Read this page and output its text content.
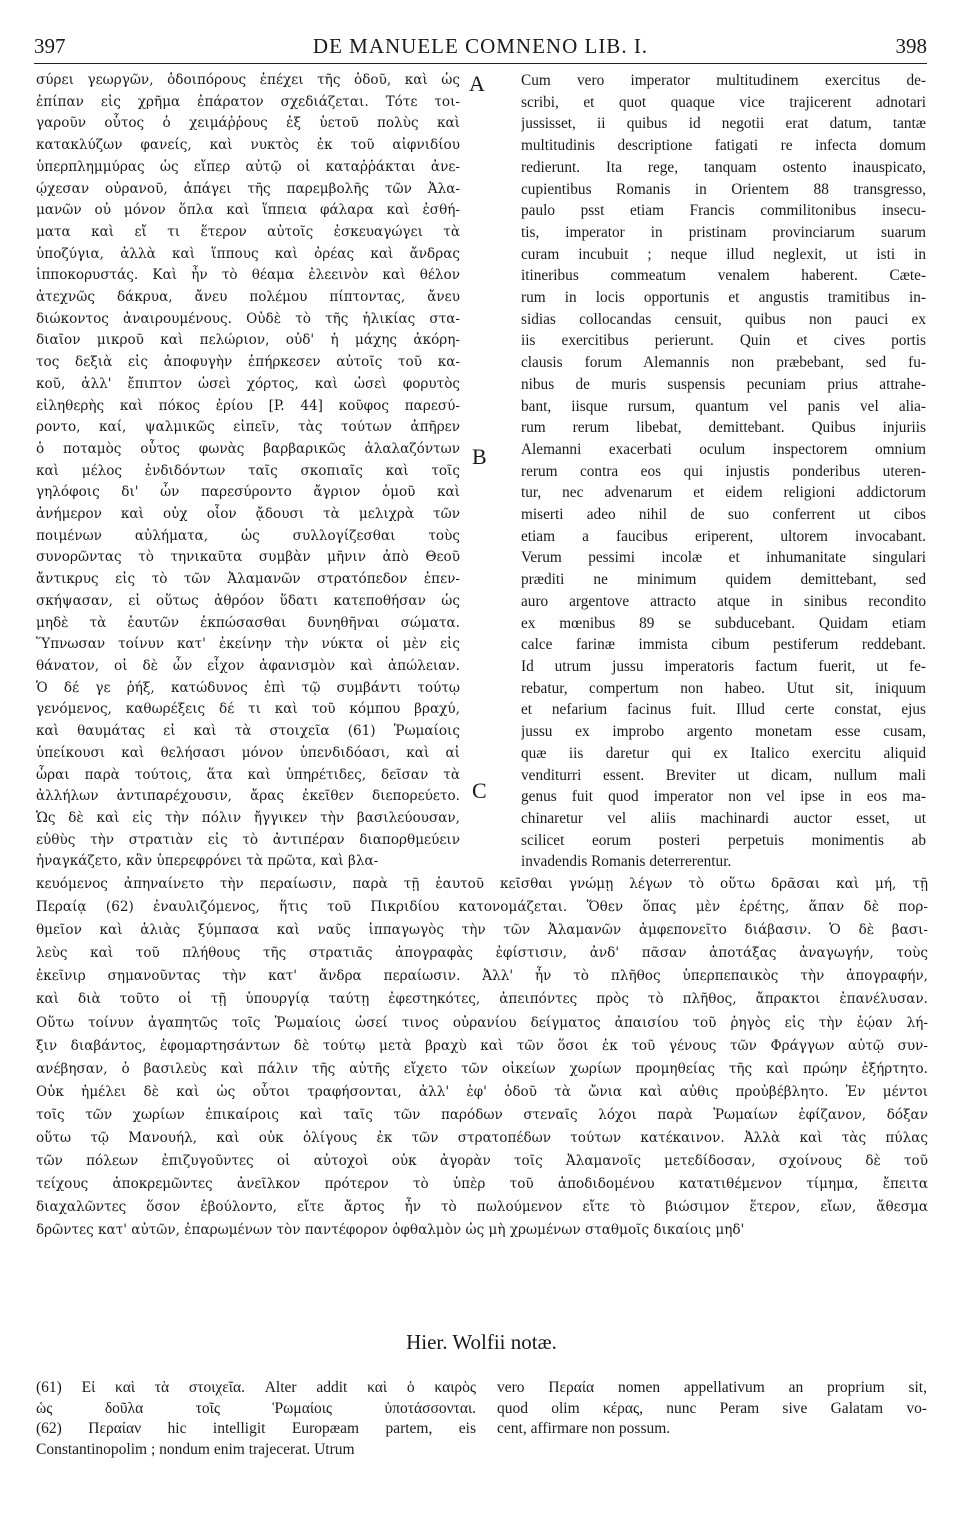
397	DE MANUELE COMNENO LIB. I.	398
σύρει γεωργῶν, ὁδοιπόρους ἐπέχει τῆς ὁδοῦ, καὶ ὡς
ἐπίπαν εἰς χρῆμα ἐπάρατον σχεδιάζεται. Τότε τοι-
γαροῦν οὗτος ὁ χειμάῤῥους ἐξ ὑετοῦ πολὺς καὶ
κατακλύζων φανείς, καὶ νυκτὸς ἐκ τοῦ αἰφνιδίου
ὑπερπλημμύρας ὡς εἴπερ αὐτῷ οἱ καταῤῥάκται ἀνε-
ῴχεσαν οὐρανοῦ, ἀπάγει τῆς παρεμβολῆς τῶν Ἀλα-
μανῶν οὐ μόνον ὅπλα καὶ ἵππεια φάλαρα καὶ ἐσθή-
ματα καὶ εἴ τι ἕτερον αὐτοῖς ἐσκευαγώγει τὰ
ὑποζύγια, ἀλλὰ καὶ ἵππους καὶ ὀρέας καὶ ἄνδρας
ἱπποκορυστάς. Καὶ ἦν τὸ θέαμα ἐλεεινὸν καὶ θέλον
ἀτεχνῶς δάκρυα, ἄνευ πολέμου πίπτοντας, ἄνευ
διώκοντος ἀναιρουμένους. Οὐδὲ τὸ τῆς ἡλικίας στα-
διαῖον μικροῦ καὶ πελώριον, οὐδ' ἡ μάχης ἀκόρη-
τος δεξιὰ εἰς ἀποφυγὴν ἐπήρκεσεν αὐτοῖς τοῦ κα-
κοῦ, ἀλλ' ἔπιπτον ὡσεὶ χόρτος, καὶ ὡσεὶ φορυτὸς
εἰληθερὴς καὶ πόκος ἐρίου [P. 44] κοῦφος παρεσύ-
ροντο, καί, ψαλμικῶς εἰπεῖν, τὰς τούτων ἀπῆρεν
ὁ ποταμὸς οὗτος φωνὰς βαρβαρικῶς ἀλαλαζόντων
καὶ μέλος ἐνδιδόντων ταῖς σκοπιαῖς καὶ τοῖς
γηλόφοις δι' ὧν παρεσύροντο ἄγριον ὁμοῦ καὶ
ἀνήμερον καὶ οὐχ οἷον ᾄδουσι τὰ μελιχρὰ τῶν
ποιμένων αὐλήματα, ὡς συλλογίζεσθαι τοὺς
συνορῶντας τὸ τηνικαῦτα συμβὰν μῆνιν ἀπὸ Θεοῦ
ἄντικρυς εἰς τὸ τῶν Ἀλαμανῶν στρατόπεδον ἐπεν-
σκήψασαν, εἰ οὕτως ἀθρόον ὕδατι κατεποθήσαν ὡς
μηδὲ τὰ ἑαυτῶν ἐκπώσασθαι δυνηθῆναι σώματα.
Ὕπνωσαν τοίνυν κατ' ἐκείνην τὴν νύκτα οἱ μὲν εἰς
θάνατον, οἱ δὲ ὧν εἶχον ἀφανισμὸν καὶ ἀπώλειαν.
Ὁ δέ γε ῥήξ, κατώδυνος ἐπὶ τῷ συμβάντι τούτῳ
γενόμενος, καθωρέξεις δέ τι καὶ τοῦ κόμπου βραχύ,
καὶ θαυμάτας εἰ καὶ τὰ στοιχεῖα (61) Ῥωμαίοις
ὑπείκουσι καὶ θελήσασι μόνον ὑπενδιδόασι, καὶ αἱ
ὧραι παρὰ τούτοις, ἅτα καὶ ὑπηρέτιδες, δεῖσαν τὰ
ἀλλήλων ἀντιπαρέχουσιν, ἄρας ἐκεῖθεν διεπορεύετο.
Ὡς δὲ καὶ εἰς τὴν πόλιν ἤγγικεν τὴν βασιλεύουσαν,
εὐθὺς τὴν στρατιὰν εἰς τὸ ἀντιπέραν διαπορθμεύειν
ἠναγκάζετο, κἂν ὑπερεφρόνει τὰ πρῶτα, καὶ βλα-
Cum vero imperator multitudinem exercitus de-
scribi, et quot quaque vice trajicerent adnotari
jussisset, ii quibus id negotii erat datum, tantæ
multitudinis descriptione fatigati re infecta domum
redierunt. Ita rege, tanquam ostento inauspicato,
cupientibus Romanis in Orientem 88 transgresso,
paulo psst etiam Francis commilitonibus insecu-
tis, imperator in pristinam provinciarum suarum
curam incubuit ; neque illud neglexit, ut isti in
itineribus commeatum venalem haberent. Cæte-
rum in locis opportunis et angustis tramitibus in-
sidias collocandas censuit, quibus non pauci ex
iis exercitibus perierunt. Quin et cives portis
clausis forum Alemannis non præbebant, sed fu-
nibus de muris suspensis pecuniam prius attrahe-
bant, iisque rursum, quantum vel panis vel alia-
rum rerum libebat, demittebant. Quibus injuriis
Alemanni exacerbati oculum inspectorem omnium
rerum contra eos qui injustis ponderibus uteren-
tur, nec advenarum et eidem religioni addictorum
miserti adeo nihil de suo conferrent ut cibos
etiam a faucibus eriperent, ultorem invocabant.
Verum pessimi incolæ et inhumanitate singulari
præditi ne minimum quidem demittebant, sed
auro argentove attracto atque in sinibus recondito
ex mœnibus 89 se subducebant. Quidam etiam
calce farinæ immista cibum pestiferum reddebant.
Id utrum jussu imperatoris factum fuerit, ut fe-
rebatur, compertum non habeo. Utut sit, iniquum
et nefarium facinus fuit. Illud certe constat, ejus
jussu ex improbo argento monetam esse cusam,
quæ iis daretur qui ex Italico exercitu aliquid
venditurri essent. Breviter ut dicam, nullum mali
genus fuit quod imperator non vel ipse in eos ma-
chinaretur vel aliis machinardi auctor esset, ut
scilicet eorum posteri perpetuis monimentis ab
invadendis Romanis deterrerentur.
A
B
C
κευόμενος ἀπηναίνετο τὴν περαίωσιν, παρὰ τῇ ἑαυτοῦ κεῖσθαι γνώμῃ λέγων τὸ οὕτω δρᾶσαι καὶ μή, τῇ
Περαίᾳ (62) ἐναυλιζόμενος, ἥτις τοῦ Πικριδίου κατονομάζεται. Ὅθεν ὅπας μὲν ἐρέτης, ἅπαν δὲ πορ-
θμεῖον καὶ ἁλιὰς ξύμπασα καὶ ναῦς ἱππαγωγὸς τὴν τῶν Ἀλαμανῶν ἀμφεπονεῖτο διάβασιν. Ὁ δὲ βασι-
λεὺς καὶ τοῦ πλήθους τῆς στρατιᾶς ἀπογραφὰς ἐφίστισιν, ἀνδ' πᾶσαν ἀποτάξας ἀναγωγήν, τοὺς
ἐκεῖνιρ σημανοῦντας τὴν κατ' ἄνδρα περαίωσιν. Ἀλλ' ἦν τὸ πλῆθος ὑπερπεπαικὸς τὴν ἀπογραφήν,
καὶ διὰ τοῦτο οἱ τῇ ὑπουργίᾳ ταύτῃ ἐφεστηκότες, ἀπειπόντες πρὸς τὸ πλῆθος, ἄπρακτοι ἐπανέλυσαν.
Οὕτω τοίνυν ἀγαπητῶς τοῖς Ῥωμαίοις ὡσεί τινος οὐρανίου δείγματος ἀπαισίου τοῦ ῥηγὸς εἰς τὴν ἑῴαν λή-
ξιν διαβάντος, ἐφομαρτησάντων δὲ τούτῳ μετὰ βραχὺ καὶ τῶν ὅσοι ἐκ τοῦ γένους τῶν Φράγγων αὐτῷ συν-
ανέβησαν, ὁ βασιλεὺς καὶ πάλιν τῆς αὐτῆς εἴχετο τῶν οἰκείων χωρίων προμηθείας τῆς καὶ πρώην ἐξήρτητο.
Οὐκ ἠμέλει δὲ καὶ ὡς οὗτοι τραφήσονται, ἀλλ' ἐφ' ὁδοῦ τὰ ὤνια καὶ αὐθις προὐβέβλητο. Ἐν μέντοι
τοῖς τῶν χωρίων ἐπικαίροις καὶ ταῖς τῶν παρόδων στεναῖς λόχοι παρὰ Ῥωμαίων ἐφίζανον, δόξαν
οὕτω τῷ Μανουήλ, καὶ οὐκ ὀλίγους ἐκ τῶν στρατοπέδων τούτων κατέκαινον. Ἀλλὰ καὶ τὰς πύλας
τῶν πόλεων ἐπιζυγοῦντες οἱ αὐτοχοὶ οὐκ ἀγορὰν τοῖς Ἀλαμανοῖς μετεδίδοσαν, σχοίνους δὲ τοῦ
τείχους ἀποκρεμῶντες ἀνεῖλκον πρότερον τὸ ὑπὲρ τοῦ ἀποδιδομένου κατατιθέμενον τίμημα, ἔπειτα
διαχαλῶντες ὅσον ἐβούλοντο, εἴτε ἄρτος ἦν τὸ πωλούμενον εἴτε τὸ βιώσιμον ἕτερον, εἴων, ἄθεσμα
δρῶντες κατ' αὐτῶν, ἐπαρωμένων τὸν παντέφορον ὀφθαλμὸν ὡς μὴ χρωμένων σταθμοῖς δικαίοις μηδ'
Hier. Wolfii notæ.
(61) Εἰ καὶ τὰ στοιχεῖα. Alter addit καὶ ὁ καιρὸς
ὡς δοῦλα τοῖς Ῥωμαίοις ὑποτάσσονται.
(62) Περαίαν hic intelligit Europæam partem, eis
Constantinopolim ; nondum enim trajecerat. Utrum
vero Περαία nomen appellativum an proprium sit,
quod olim κέρας, nunc Peram sive Galatam vo-
cent, affirmare non possum.
